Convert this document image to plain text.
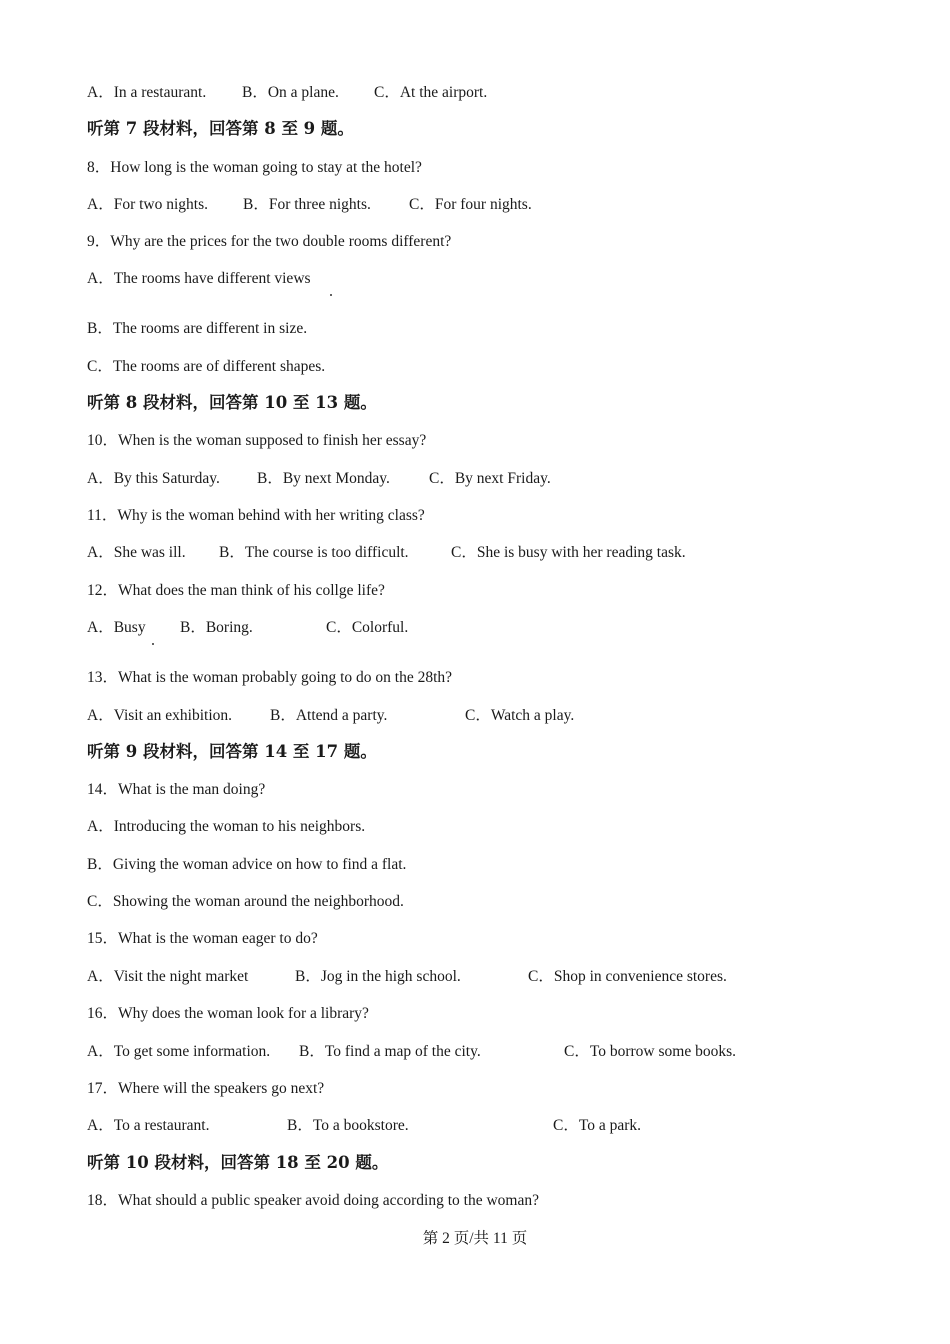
A．In a restaurant. B．On a plane. C．At the airport.
听第 7 段材料，回答第 8 至 9 题。
8．How long is the woman going to stay at the hotel?
A．For two nights. B．For three nights. C．For four nights.
9．Why are the prices for the two double rooms different?
A．The rooms have different views
B．The rooms are different in size.
C．The rooms are of different shapes.
听第 8 段材料，回答第 10 至 13 题。
10．When is the woman supposed to finish her essay?
A．By this Saturday. B．By next Monday.	C．By next Friday.
11．Why is the woman behind with her writing class?
A．She was ill. B．The course is too difficult.	C．She is busy with her reading task.
12．What does the man think of his collge life?
A．Busy B．Boring.	C．Colorful.
13．What is the woman probably going to do on the 28th?
A．Visit an exhibition. B．Attend a party.	C．Watch a play.
听第 9 段材料，回答第 14 至 17 题。
14．What is the man doing?
A．Introducing the woman to his neighbors.
B．Giving the woman advice on how to find a flat.
C．Showing the woman around the neighborhood.
15．What is the woman eager to do?
A．Visit the night market	B．Jog in the high school.	C．Shop in convenience stores.
16．Why does the woman look for a library?
A．To get some information. B．To find a map of the city.	C．To borrow some books.
17．Where will the speakers go next?
A．To a restaurant.	B．To a bookstore.	C．To a park.
听第 10 段材料，回答第 18 至 20 题。
18．What should a public speaker avoid doing according to the woman?
第 2 页/共 11 页
